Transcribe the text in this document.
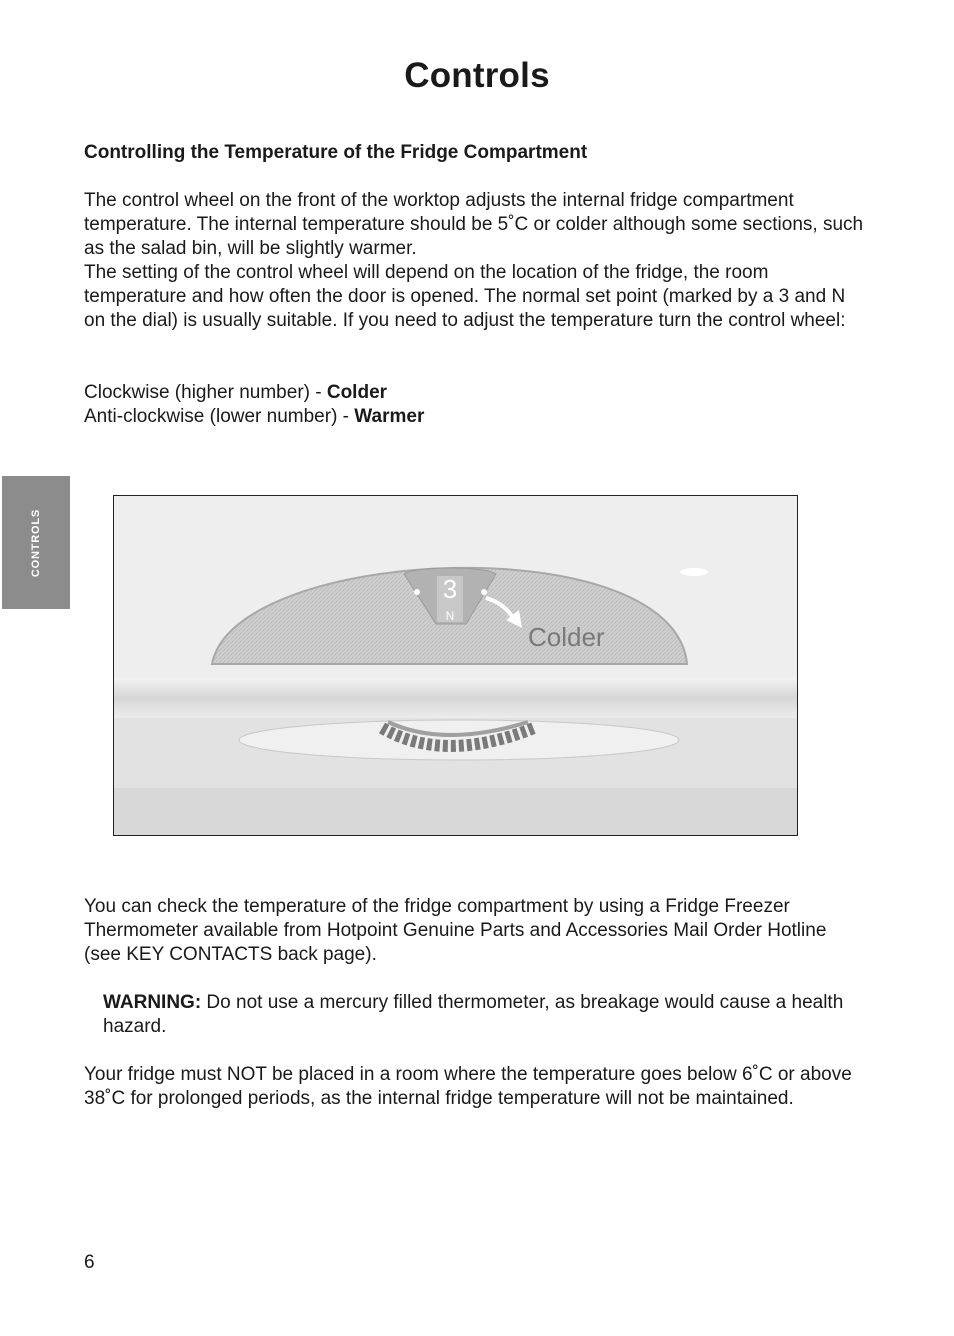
Controls

Controlling the Temperature of the Fridge Compartment

The control wheel on the front of the worktop adjusts the internal fridge compartment temperature. The internal temperature should be 5˚C or colder although some sections, such as the salad bin, will be slightly warmer.

The setting of the control wheel will depend on the location of the fridge, the room temperature and how often the door is opened. The normal set point (marked by a 3 and N on the dial) is usually suitable. If you need to adjust the temperature turn the control wheel:

Clockwise (higher number) - Colder

Anti-clockwise (lower number) - Warmer

CONTROLS
3
N
Colder

You can check the temperature of the fridge compartment by using a Fridge Freezer Thermometer available from Hotpoint Genuine Parts and Accessories Mail Order Hotline (see KEY CONTACTS back page).

WARNING: Do not use a mercury filled thermometer, as breakage would cause a health hazard.

Your fridge must NOT be placed in a room where the temperature goes below 6˚C or above 38˚C for prolonged periods, as the internal fridge temperature will not be maintained.

6
